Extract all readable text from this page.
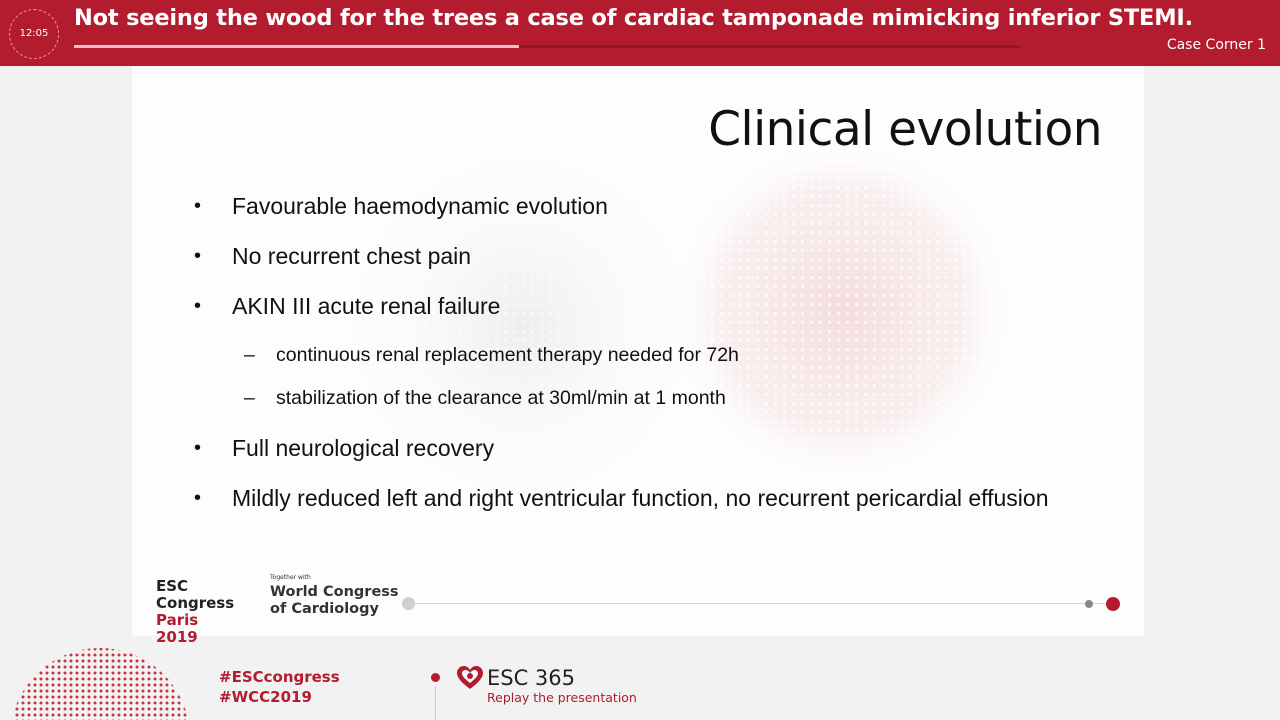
12:05
Not seeing the wood for the trees a case of cardiac tamponade mimicking inferior STEMI.
Case Corner 1
Clinical evolution
• Favourable haemodynamic evolution
• No recurrent chest pain
• AKIN III acute renal failure
– continuous renal replacement therapy needed for 72h
– stabilization of the clearance at 30ml/min at 1 month
• Full neurological recovery
• Mildly reduced left and right ventricular function, no recurrent pericardial effusion
ESC Congress
Paris 2019
Together with
World Congress
of Cardiology
#ESCcongress
#WCC2019
ESC 365
Replay the presentation
